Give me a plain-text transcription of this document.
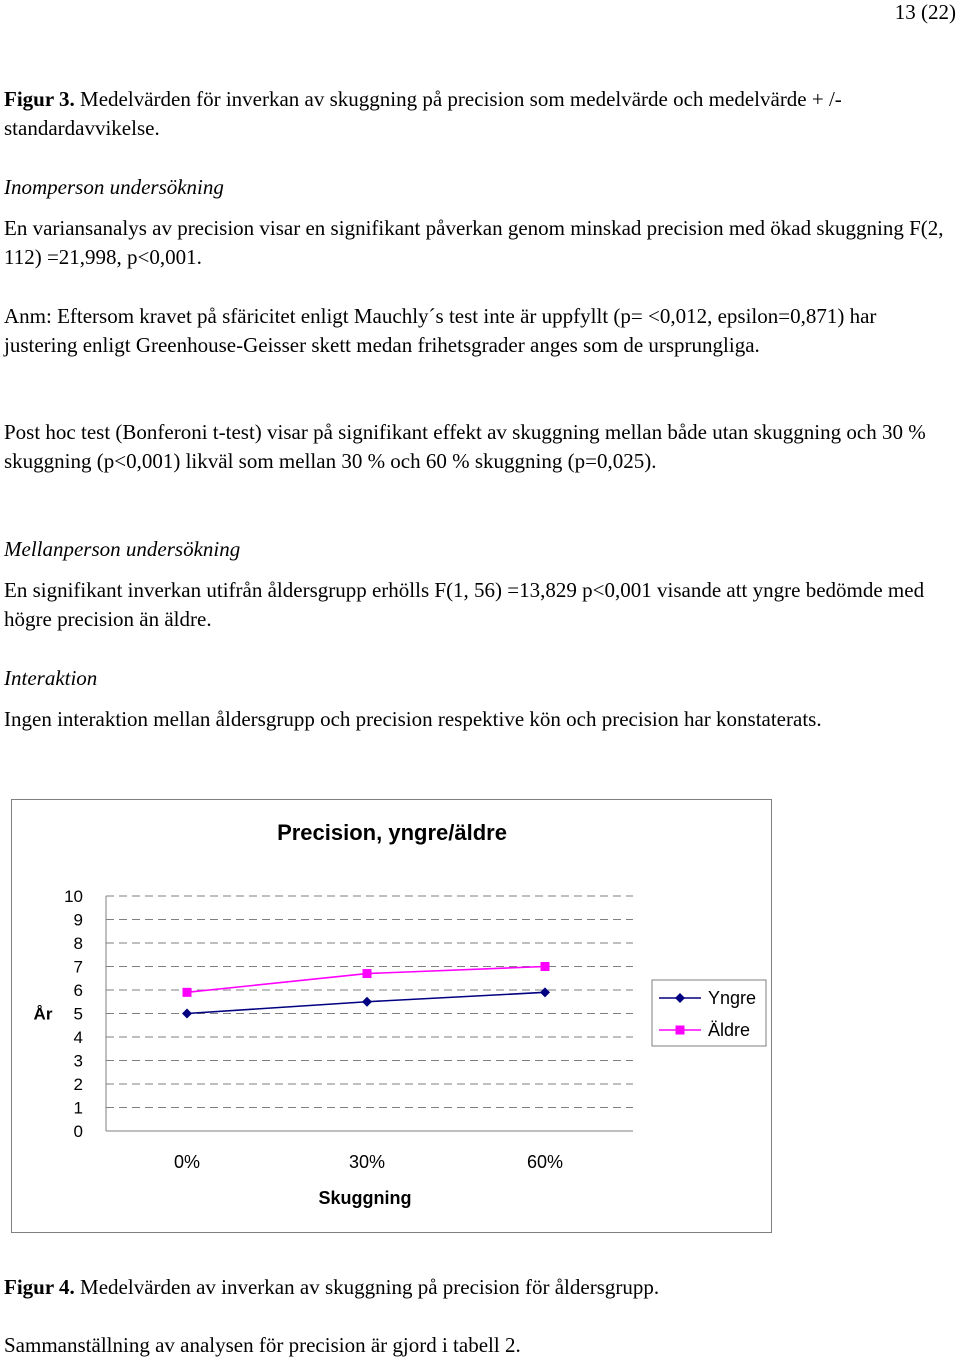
13 (22)

Figur 3. Medelvärden för inverkan av skuggning på precision som medelvärde och medelvärde + /- standardavvikelse.

Inomperson undersökning

En variansanalys av precision visar en signifikant påverkan genom minskad precision med ökad skuggning F(2, 112) =21,998, p<0,001.

Anm: Eftersom kravet på sfäricitet enligt Mauchly´s test inte är uppfyllt (p= <0,012, epsilon=0,871) har justering enligt Greenhouse-Geisser skett medan frihetsgrader anges som de ursprungliga.

Post hoc test (Bonferoni t-test) visar på signifikant effekt av skuggning mellan både utan skuggning och 30 % skuggning (p<0,001) likväl som mellan 30 % och 60 % skuggning (p=0,025).

Mellanperson undersökning

En signifikant inverkan utifrån åldersgrupp erhölls F(1, 56) =13,829 p<0,001 visande att yngre bedömde med högre precision än äldre.

Interaktion

Ingen interaktion mellan åldersgrupp och precision respektive kön och precision har konstaterats.

Precision, yngre/äldre
0
1
2
3
4
5
6
7
8
9
10
År
0%	30%	60%
Skuggning
Yngre
Äldre

Figur 4. Medelvärden av inverkan av skuggning på precision för åldersgrupp.

Sammanställning av analysen för precision är gjord i tabell 2.
